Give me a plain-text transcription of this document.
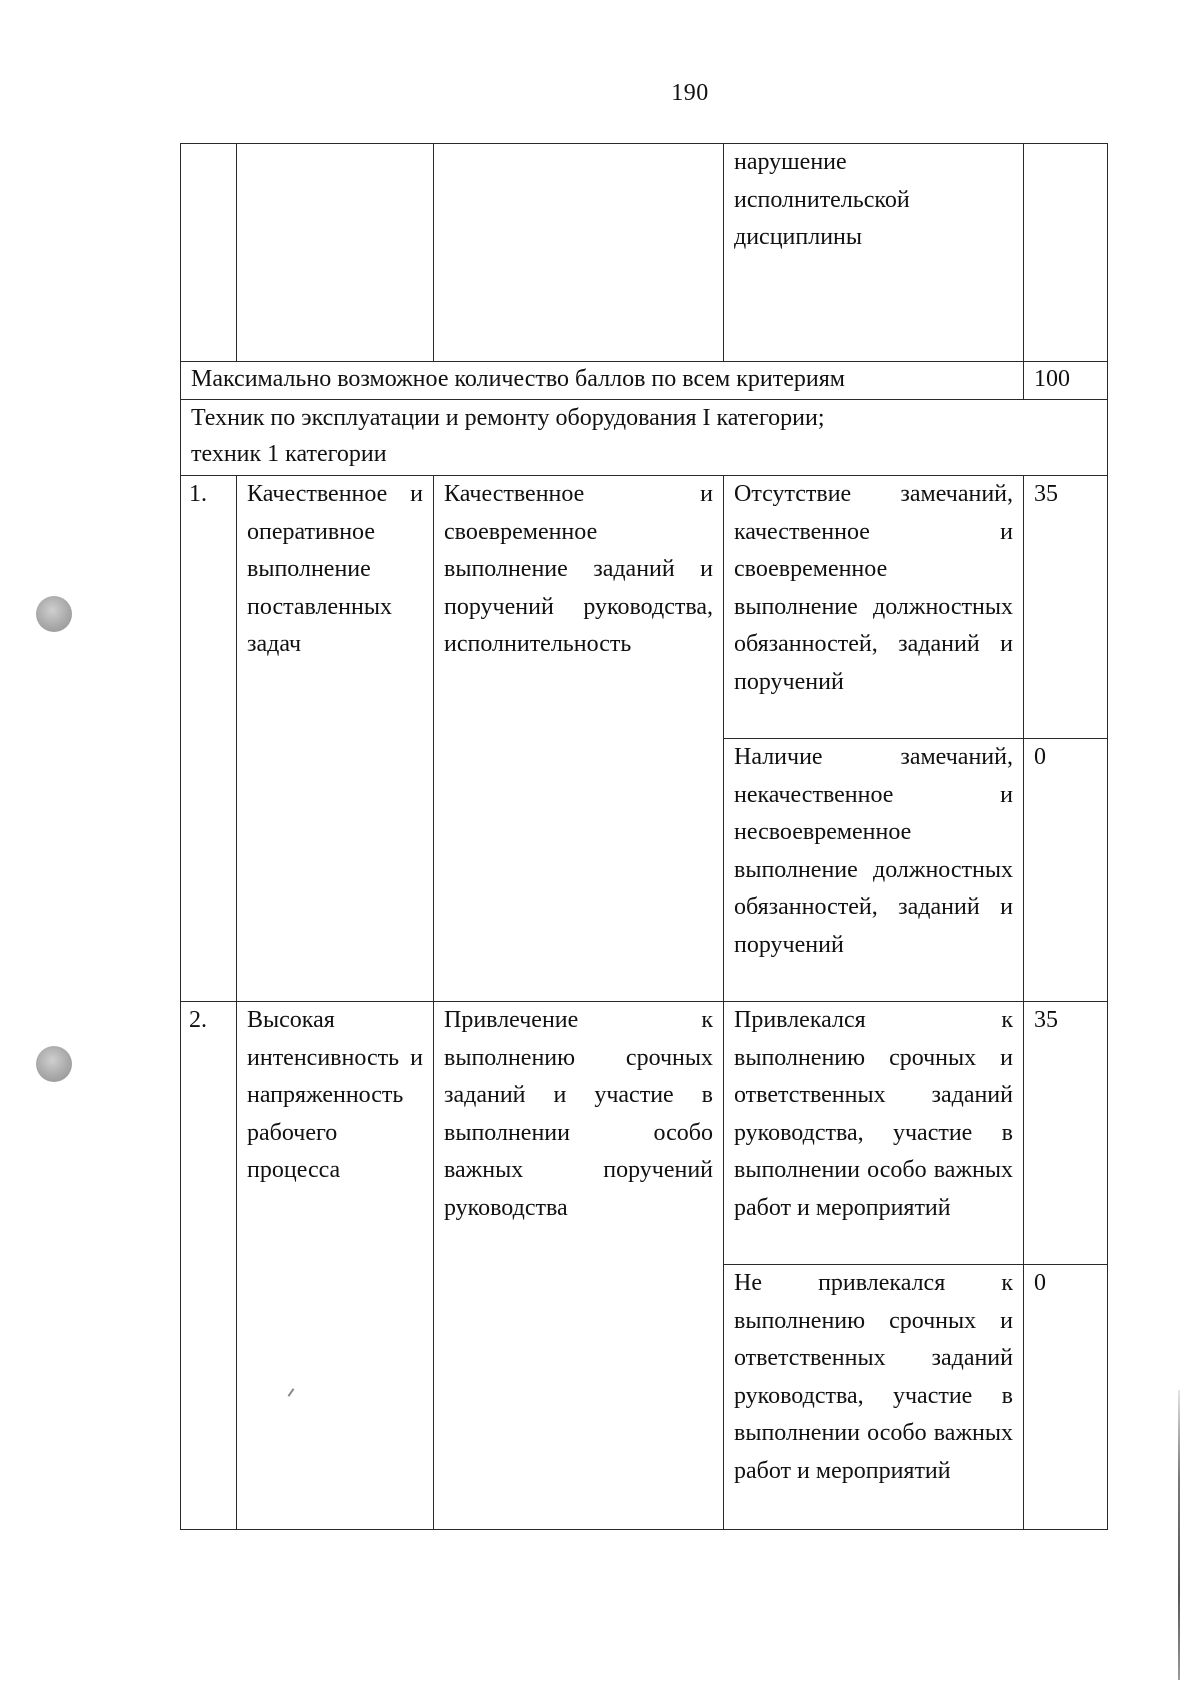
190

			нарушение исполнительской дисциплины	

Максимально возможное количество баллов по всем критериям				100

Техник по эксплуатации и ремонту оборудования I категории;
техник 1 категории				

1.	Качественное и оперативное выполнение поставленных задач	Качественное и своевременное выполнение заданий и поручений руководства, исполнительность	Отсутствие замечаний, качественное и своевременное выполнение должностных обязанностей, заданий и поручений	35
			Наличие замечаний, некачественное и несвоевременное выполнение должностных обязанностей, заданий и поручений	0
2.	Высокая интенсивность и напряженность рабочего процесса	Привлечение к выполнению срочных заданий и участие в выполнении особо важных поручений руководства	Привлекался к выполнению срочных и ответственных заданий руководства, участие в выполнении особо важных работ и мероприятий	35
			Не привлекался к выполнению срочных и ответственных заданий руководства, участие в выполнении особо важных работ и мероприятий	0
